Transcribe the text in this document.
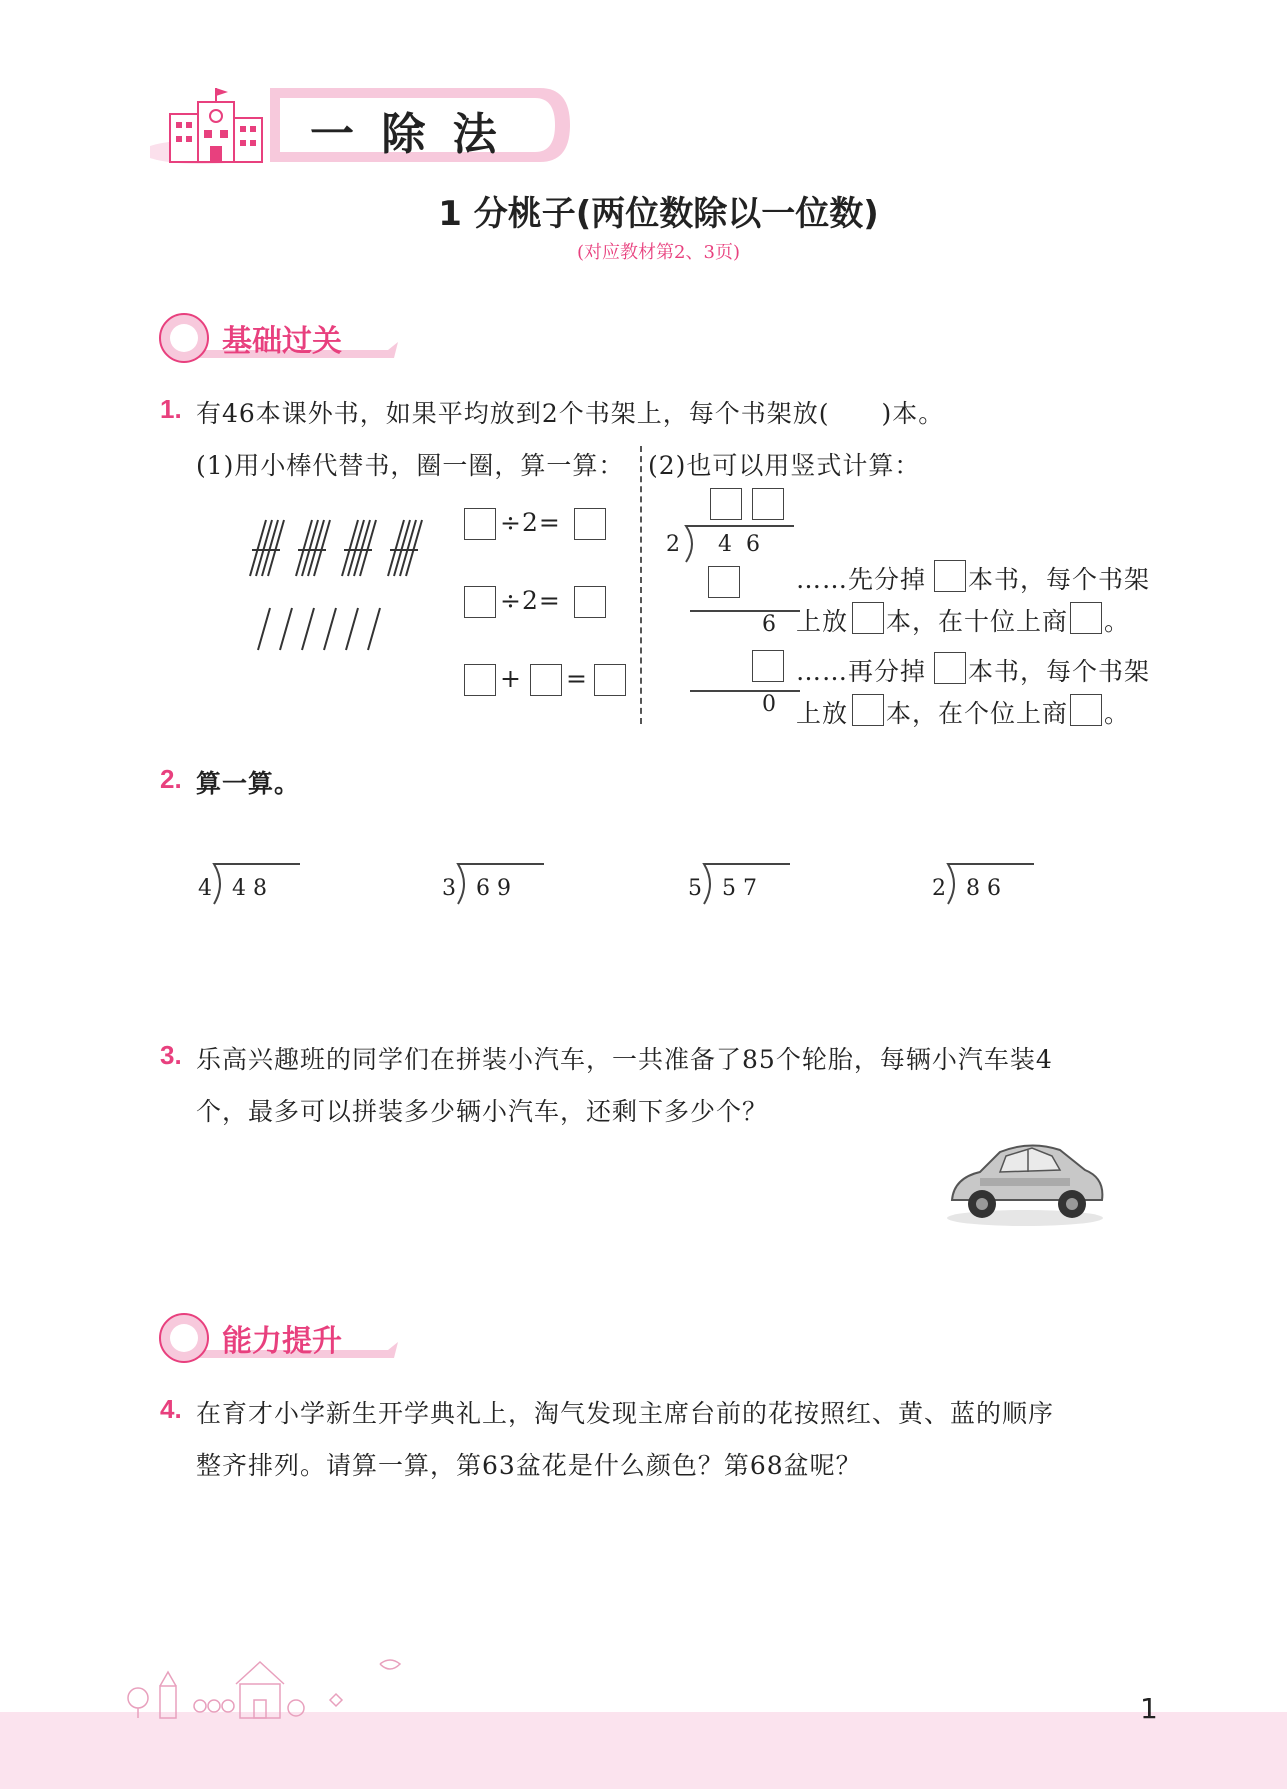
一 除 法
1 分桃子(两位数除以一位数)
(对应教材第2、3页)
基础过关
1. 有46本课外书，如果平均放到2个书架上，每个书架放(　　)本。
(1)用小棒代替书，圈一圈，算一算： (2)也可以用竖式计算：
÷2=
÷2=
+ =
2 4  6
6
0
……先分掉 本书，每个书架
上放 本，在十位上商 。
……再分掉 本书，每个书架
上放 本，在个位上商 。
2. 算一算。
4 4 8	3 6 9	5 5 7	2 8 6
3. 乐高兴趣班的同学们在拼装小汽车，一共准备了85个轮胎，每辆小汽车装4
个，最多可以拼装多少辆小汽车，还剩下多少个？
能力提升
4. 在育才小学新生开学典礼上，淘气发现主席台前的花按照红、黄、蓝的顺序
整齐排列。请算一算，第63盆花是什么颜色？第68盆呢？
1
